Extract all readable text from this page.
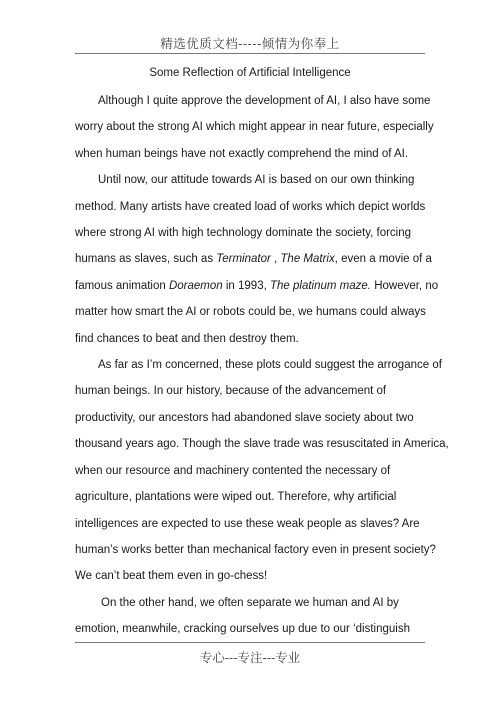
精选优质文档-----倾情为你奉上
Some Reflection of Artificial Intelligence

Although I quite approve the development of AI, I also have some
worry about the strong AI which might appear in near future, especially
when human beings have not exactly comprehend the mind of AI.

Until now, our attitude towards AI is based on our own thinking
method. Many artists have created load of works which depict worlds
where strong AI with high technology dominate the society, forcing
humans as slaves, such as Terminator , The Matrix, even a movie of a
famous animation Doraemon in 1993, The platinum maze. However, no
matter how smart the AI or robots could be, we humans could always
find chances to beat and then destroy them.

As far as I’m concerned, these plots could suggest the arrogance of
human beings. In our history, because of the advancement of
productivity, our ancestors had abandoned slave society about two
thousand years ago. Though the slave trade was resuscitated in America,
when our resource and machinery contented the necessary of
agriculture, plantations were wiped out. Therefore, why artificial
intelligences are expected to use these weak people as slaves? Are
human’s works better than mechanical factory even in present society?
We can’t beat them even in go-chess!

On the other hand, we often separate we human and AI by
emotion, meanwhile, cracking ourselves up due to our ‘distinguish

专心---专注---专业
